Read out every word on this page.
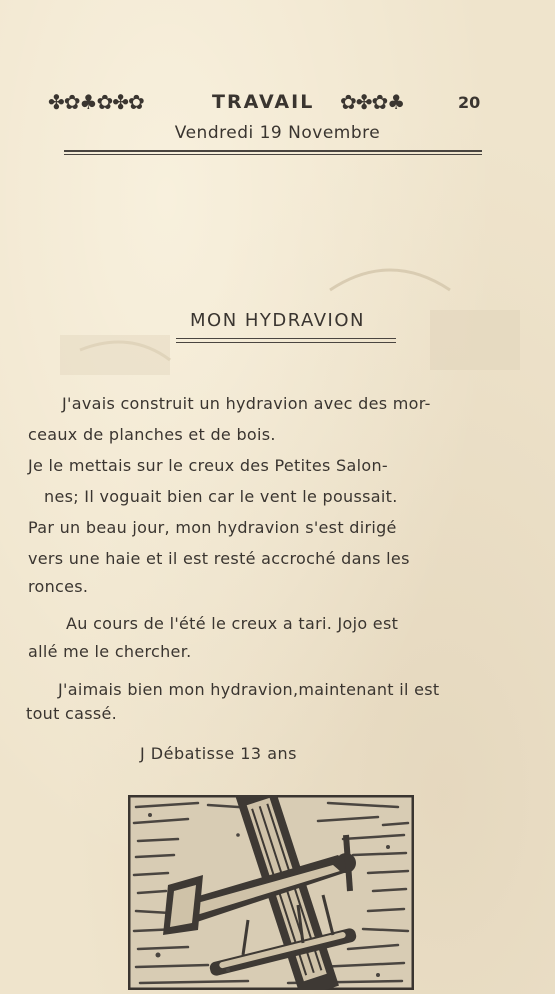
✤✿♣✿✤✿	TRAVAIL ✿✤✿♣	20
Vendredi 19 Novembre
MON HYDRAVION
J'avais construit un hydravion avec des mor-
ceaux de planches et de bois.
Je le mettais sur le creux des Petites Salon-
nes; Il voguait bien car le vent le poussait.
Par un beau jour, mon hydravion s'est dirigé
vers une haie et il est resté accroché dans les
ronces.
Au cours de l'été le creux a tari. Jojo est
allé me le chercher.
J'aimais bien mon hydravion,maintenant il est
tout cassé.
J Débatisse 13 ans
